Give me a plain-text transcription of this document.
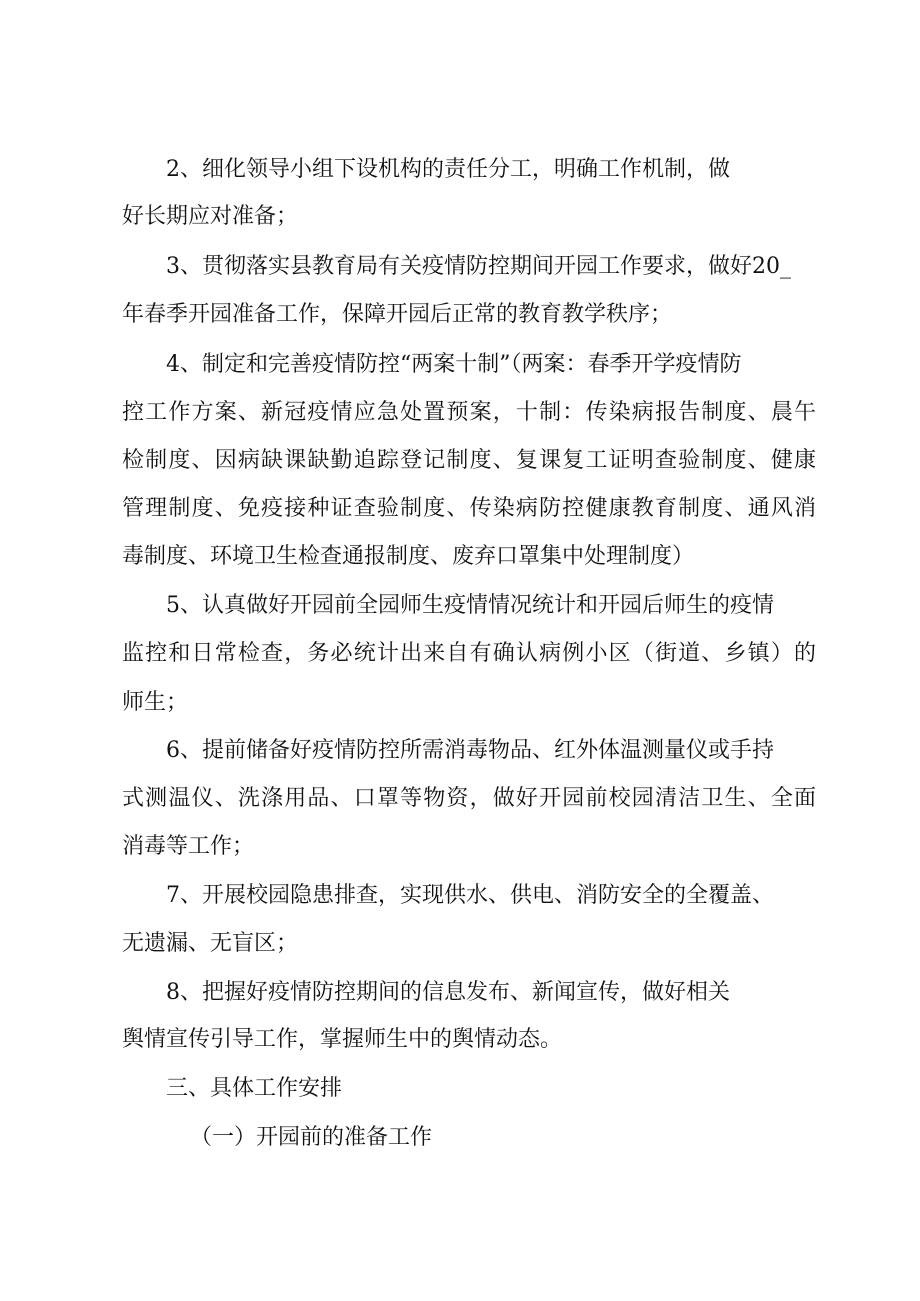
2、细化领导小组下设机构的责任分工，明确工作机制，做
好长期应对准备；
3、贯彻落实县教育局有关疫情防控期间开园工作要求，做好20_
年春季开园准备工作，保障开园后正常的教育教学秩序；
4、制定和完善疫情防控“两案十制”（两案：春季开学疫情防
控工作方案、新冠疫情应急处置预案，十制：传染病报告制度、晨午
检制度、因病缺课缺勤追踪登记制度、复课复工证明查验制度、健康
管理制度、免疫接种证查验制度、传染病防控健康教育制度、通风消
毒制度、环境卫生检查通报制度、废弃口罩集中处理制度）
5、认真做好开园前全园师生疫情情况统计和开园后师生的疫情
监控和日常检查，务必统计出来自有确认病例小区（街道、乡镇）的
师生；
6、提前储备好疫情防控所需消毒物品、红外体温测量仪或手持
式测温仪、洗涤用品、口罩等物资，做好开园前校园清洁卫生、全面
消毒等工作；
7、开展校园隐患排查，实现供水、供电、消防安全的全覆盖、
无遗漏、无盲区；
8、把握好疫情防控期间的信息发布、新闻宣传，做好相关
舆情宣传引导工作，掌握师生中的舆情动态。
三、具体工作安排
（一）开园前的准备工作
